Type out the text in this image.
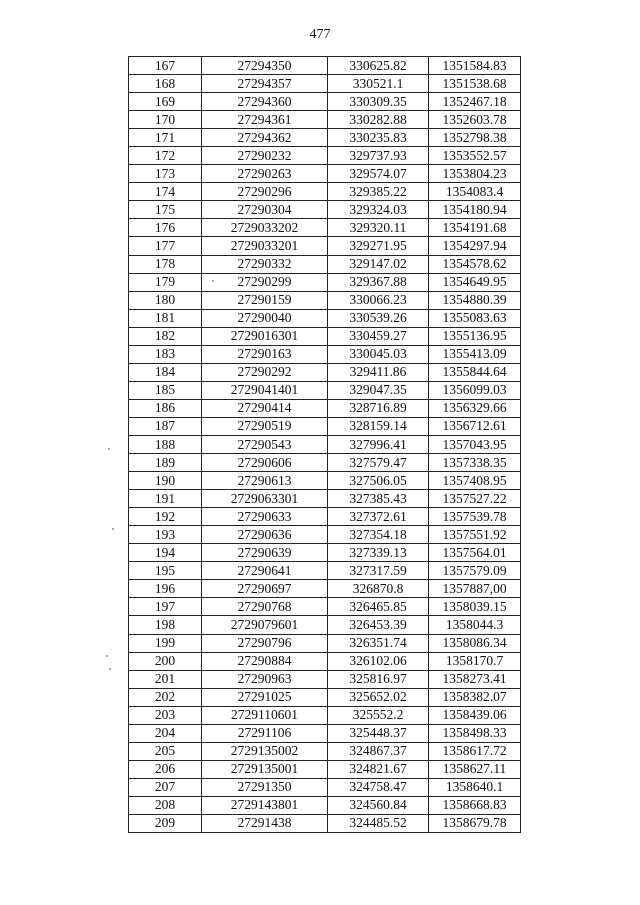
477
167	27294350	330625.82	1351584.83
168	27294357	330521.1	1351538.68
169	27294360	330309.35	1352467.18
170	27294361	330282.88	1352603.78
171	27294362	330235.83	1352798.38
172	27290232	329737.93	1353552.57
173	27290263	329574.07	1353804.23
174	27290296	329385.22	1354083.4
175	27290304	329324.03	1354180.94
176	2729033202	329320.11	1354191.68
177	2729033201	329271.95	1354297.94
178	27290332	329147.02	1354578.62
179	27290299	329367.88	1354649.95
180	27290159	330066.23	1354880.39
181	27290040	330539.26	1355083.63
182	2729016301	330459.27	1355136.95
183	27290163	330045.03	1355413.09
184	27290292	329411.86	1355844.64
185	2729041401	329047.35	1356099.03
186	27290414	328716.89	1356329.66
187	27290519	328159.14	1356712.61
188	27290543	327996.41	1357043.95
189	27290606	327579.47	1357338.35
190	27290613	327506.05	1357408.95
191	2729063301	327385.43	1357527.22
192	27290633	327372.61	1357539.78
193	27290636	327354.18	1357551.92
194	27290639	327339.13	1357564.01
195	27290641	327317.59	1357579.09
196	27290697	326870.8	1357887,00
197	27290768	326465.85	1358039.15
198	2729079601	326453.39	1358044.3
199	27290796	326351.74	1358086.34
200	27290884	326102.06	1358170.7
201	27290963	325816.97	1358273.41
202	27291025	325652.02	1358382.07
203	2729110601	325552.2	1358439.06
204	27291106	325448.37	1358498.33
205	2729135002	324867.37	1358617.72
206	2729135001	324821.67	1358627.11
207	27291350	324758.47	1358640.1
208	2729143801	324560.84	1358668.83
209	27291438	324485.52	1358679.78
